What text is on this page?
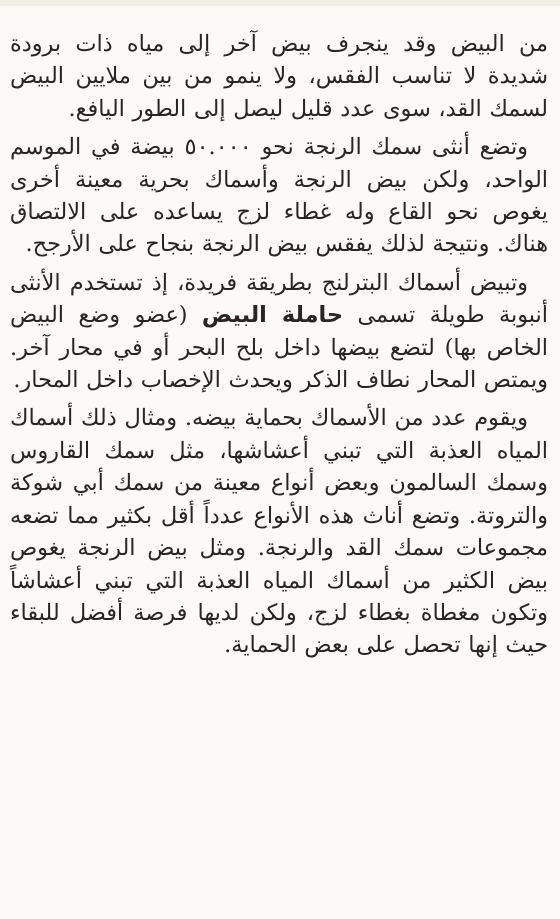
من البيض وقد ينجرف بيض آخر إلى مياه ذات برودة شديدة لا تناسب الفقس، ولا ينمو من بين ملايين البيض لسمك القد، سوى عدد قليل ليصل إلى الطور اليافع.

وتضع أنثى سمك الرنجة نحو ٥٠.٠٠٠ بيضة في الموسم الواحد، ولكن بيض الرنجة وأسماك بحرية معينة أخرى يغوص نحو القاع وله غطاء لزج يساعده على الالتصاق هناك. ونتيجة لذلك يفقس بيض الرنجة بنجاح على الأرجح.

وتبيض أسماك البترلنج بطريقة فريدة، إذ تستخدم الأنثى أنبوبة طويلة تسمى حاملة البيض (عضو وضع البيض الخاص بها) لتضع بيضها داخل بلح البحر أو في محار آخر. ويمتص المحار نطاف الذكر ويحدث الإخصاب داخل المحار.

ويقوم عدد من الأسماك بحماية بيضه. ومثال ذلك أسماك المياه العذبة التي تبني أعشاشها، مثل سمك القاروس وسمك السالمون وبعض أنواع معينة من سمك أبي شوكة والتروتة. وتضع أناث هذه الأنواع عدداً أقل بكثير مما تضعه مجموعات سمك القد والرنجة. ومثل بيض الرنجة يغوص بيض الكثير من أسماك المياه العذبة التي تبني أعشاشاً وتكون مغطاة بغطاء لزج، ولكن لديها فرصة أفضل للبقاء حيث إنها تحصل على بعض الحماية.
